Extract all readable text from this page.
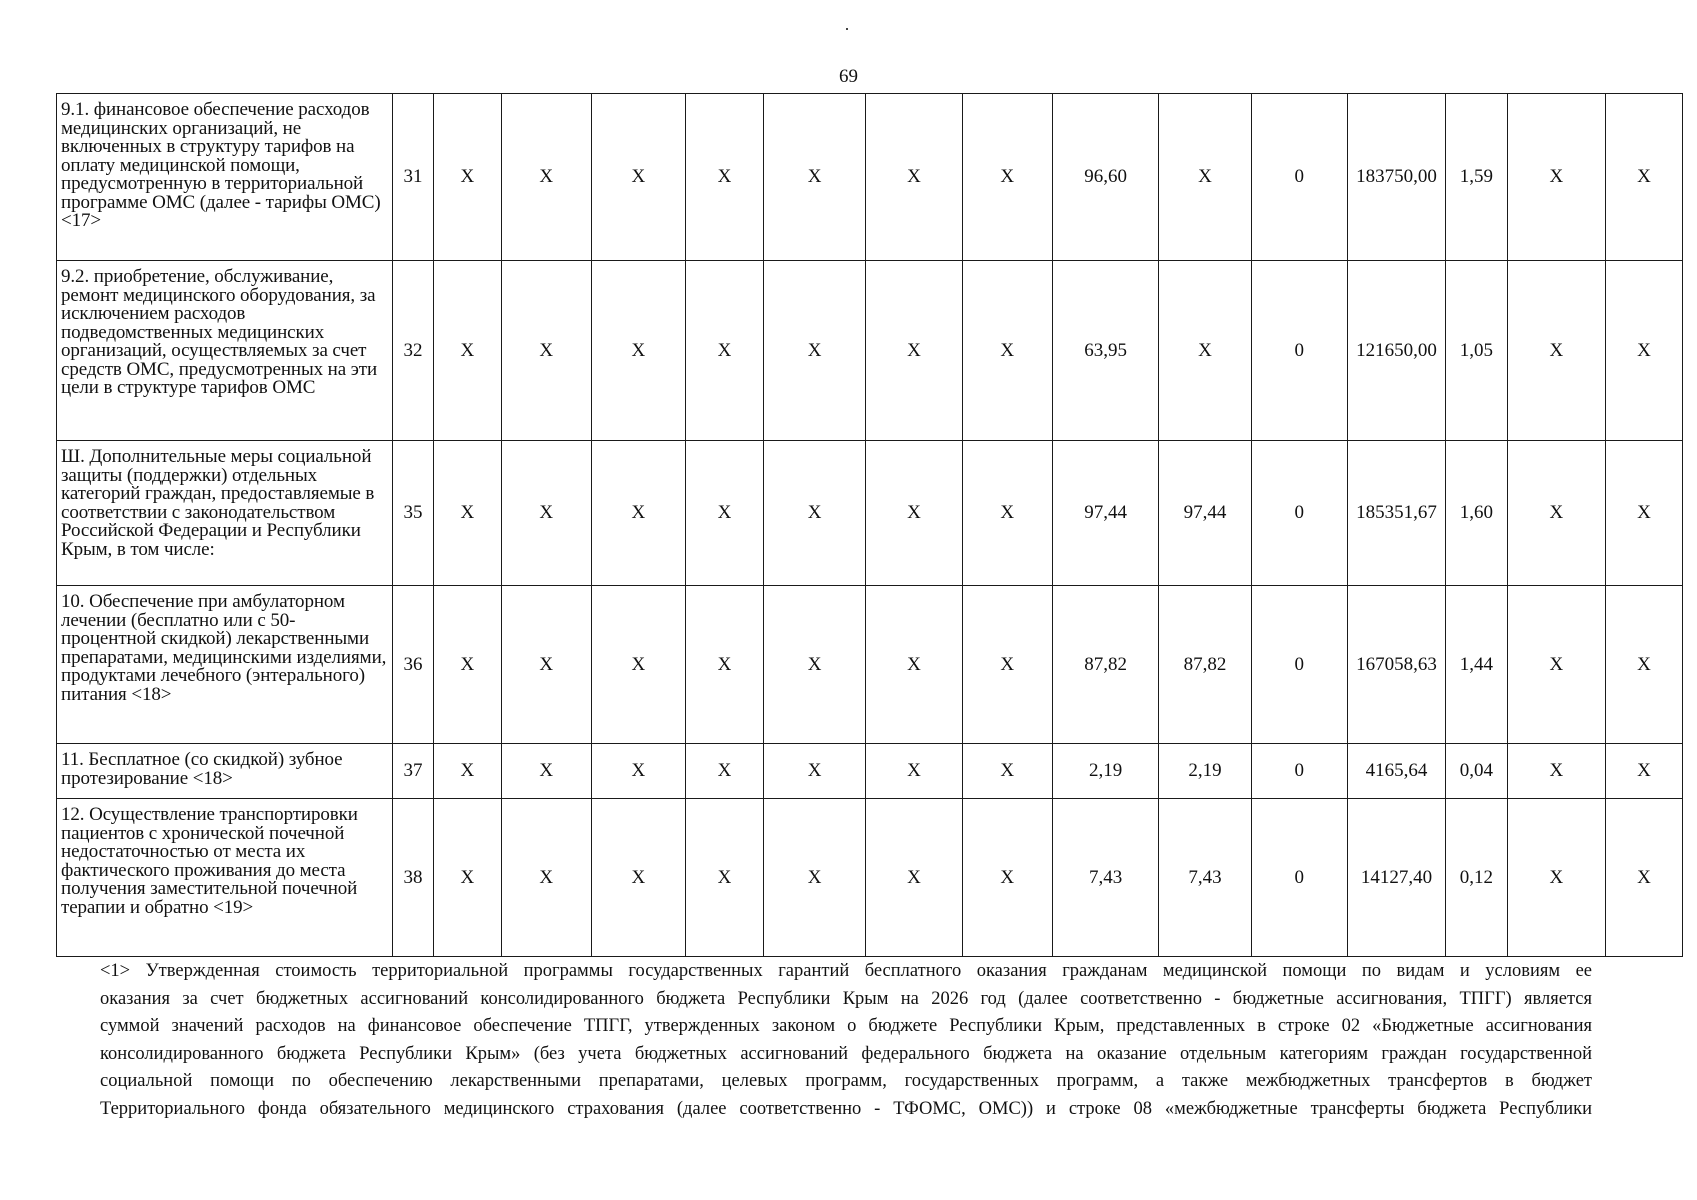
69
9.1. финансовое обеспечение расходов медицинских организаций, не включенных в структуру тарифов на оплату медицинской помощи, предусмотренную в территориальной программе ОМС (далее - тарифы ОМС) <17>	31	X	X	X	X	X	X	X	96,60	X	0	183750,00	1,59	X	X
9.2. приобретение, обслуживание, ремонт медицинского оборудования, за исключением расходов подведомственных медицинских организаций, осуществляемых за счет средств ОМС, предусмотренных на эти цели в структуре тарифов ОМС	32	X	X	X	X	X	X	X	63,95	X	0	121650,00	1,05	X	X
Ш. Дополнительные меры социальной защиты (поддержки) отдельных категорий граждан, предоставляемые в соответствии с законодательством Российской Федерации и Республики Крым, в том числе:	35	X	X	X	X	X	X	X	97,44	97,44	0	185351,67	1,60	X	X
10. Обеспечение при амбулаторном лечении (бесплатно или с 50- процентной скидкой) лекарственными препаратами, медицинскими изделиями, продуктами лечебного (энтерального) питания <18>	36	X	X	X	X	X	X	X	87,82	87,82	0	167058,63	1,44	X	X
11. Бесплатное (со скидкой) зубное протезирование <18>	37	X	X	X	X	X	X	X	2,19	2,19	0	4165,64	0,04	X	X
12. Осуществление транспортировки пациентов с хронической почечной недостаточностью от места их фактического проживания до места получения заместительной почечной терапии и обратно <19>	38	X	X	X	X	X	X	X	7,43	7,43	0	14127,40	0,12	X	X
<1> Утвержденная стоимость территориальной программы государственных гарантий бесплатного оказания гражданам медицинской помощи по видам и условиям ее
оказания за счет бюджетных ассигнований консолидированного бюджета Республики Крым на 2026 год (далее соответственно - бюджетные ассигнования, ТПГГ) является
суммой значений расходов на финансовое обеспечение ТПГГ, утвержденных законом о бюджете Республики Крым, представленных в строке 02 «Бюджетные ассигнования
консолидированного бюджета Республики Крым» (без учета бюджетных ассигнований федерального бюджета на оказание отдельным категориям граждан государственной
социальной помощи по обеспечению лекарственными препаратами, целевых программ, государственных программ, а также межбюджетных трансфертов в бюджет
Территориального фонда обязательного медицинского страхования (далее соответственно - ТФОМС, ОМС)) и строке 08 «межбюджетные трансферты бюджета Республики
